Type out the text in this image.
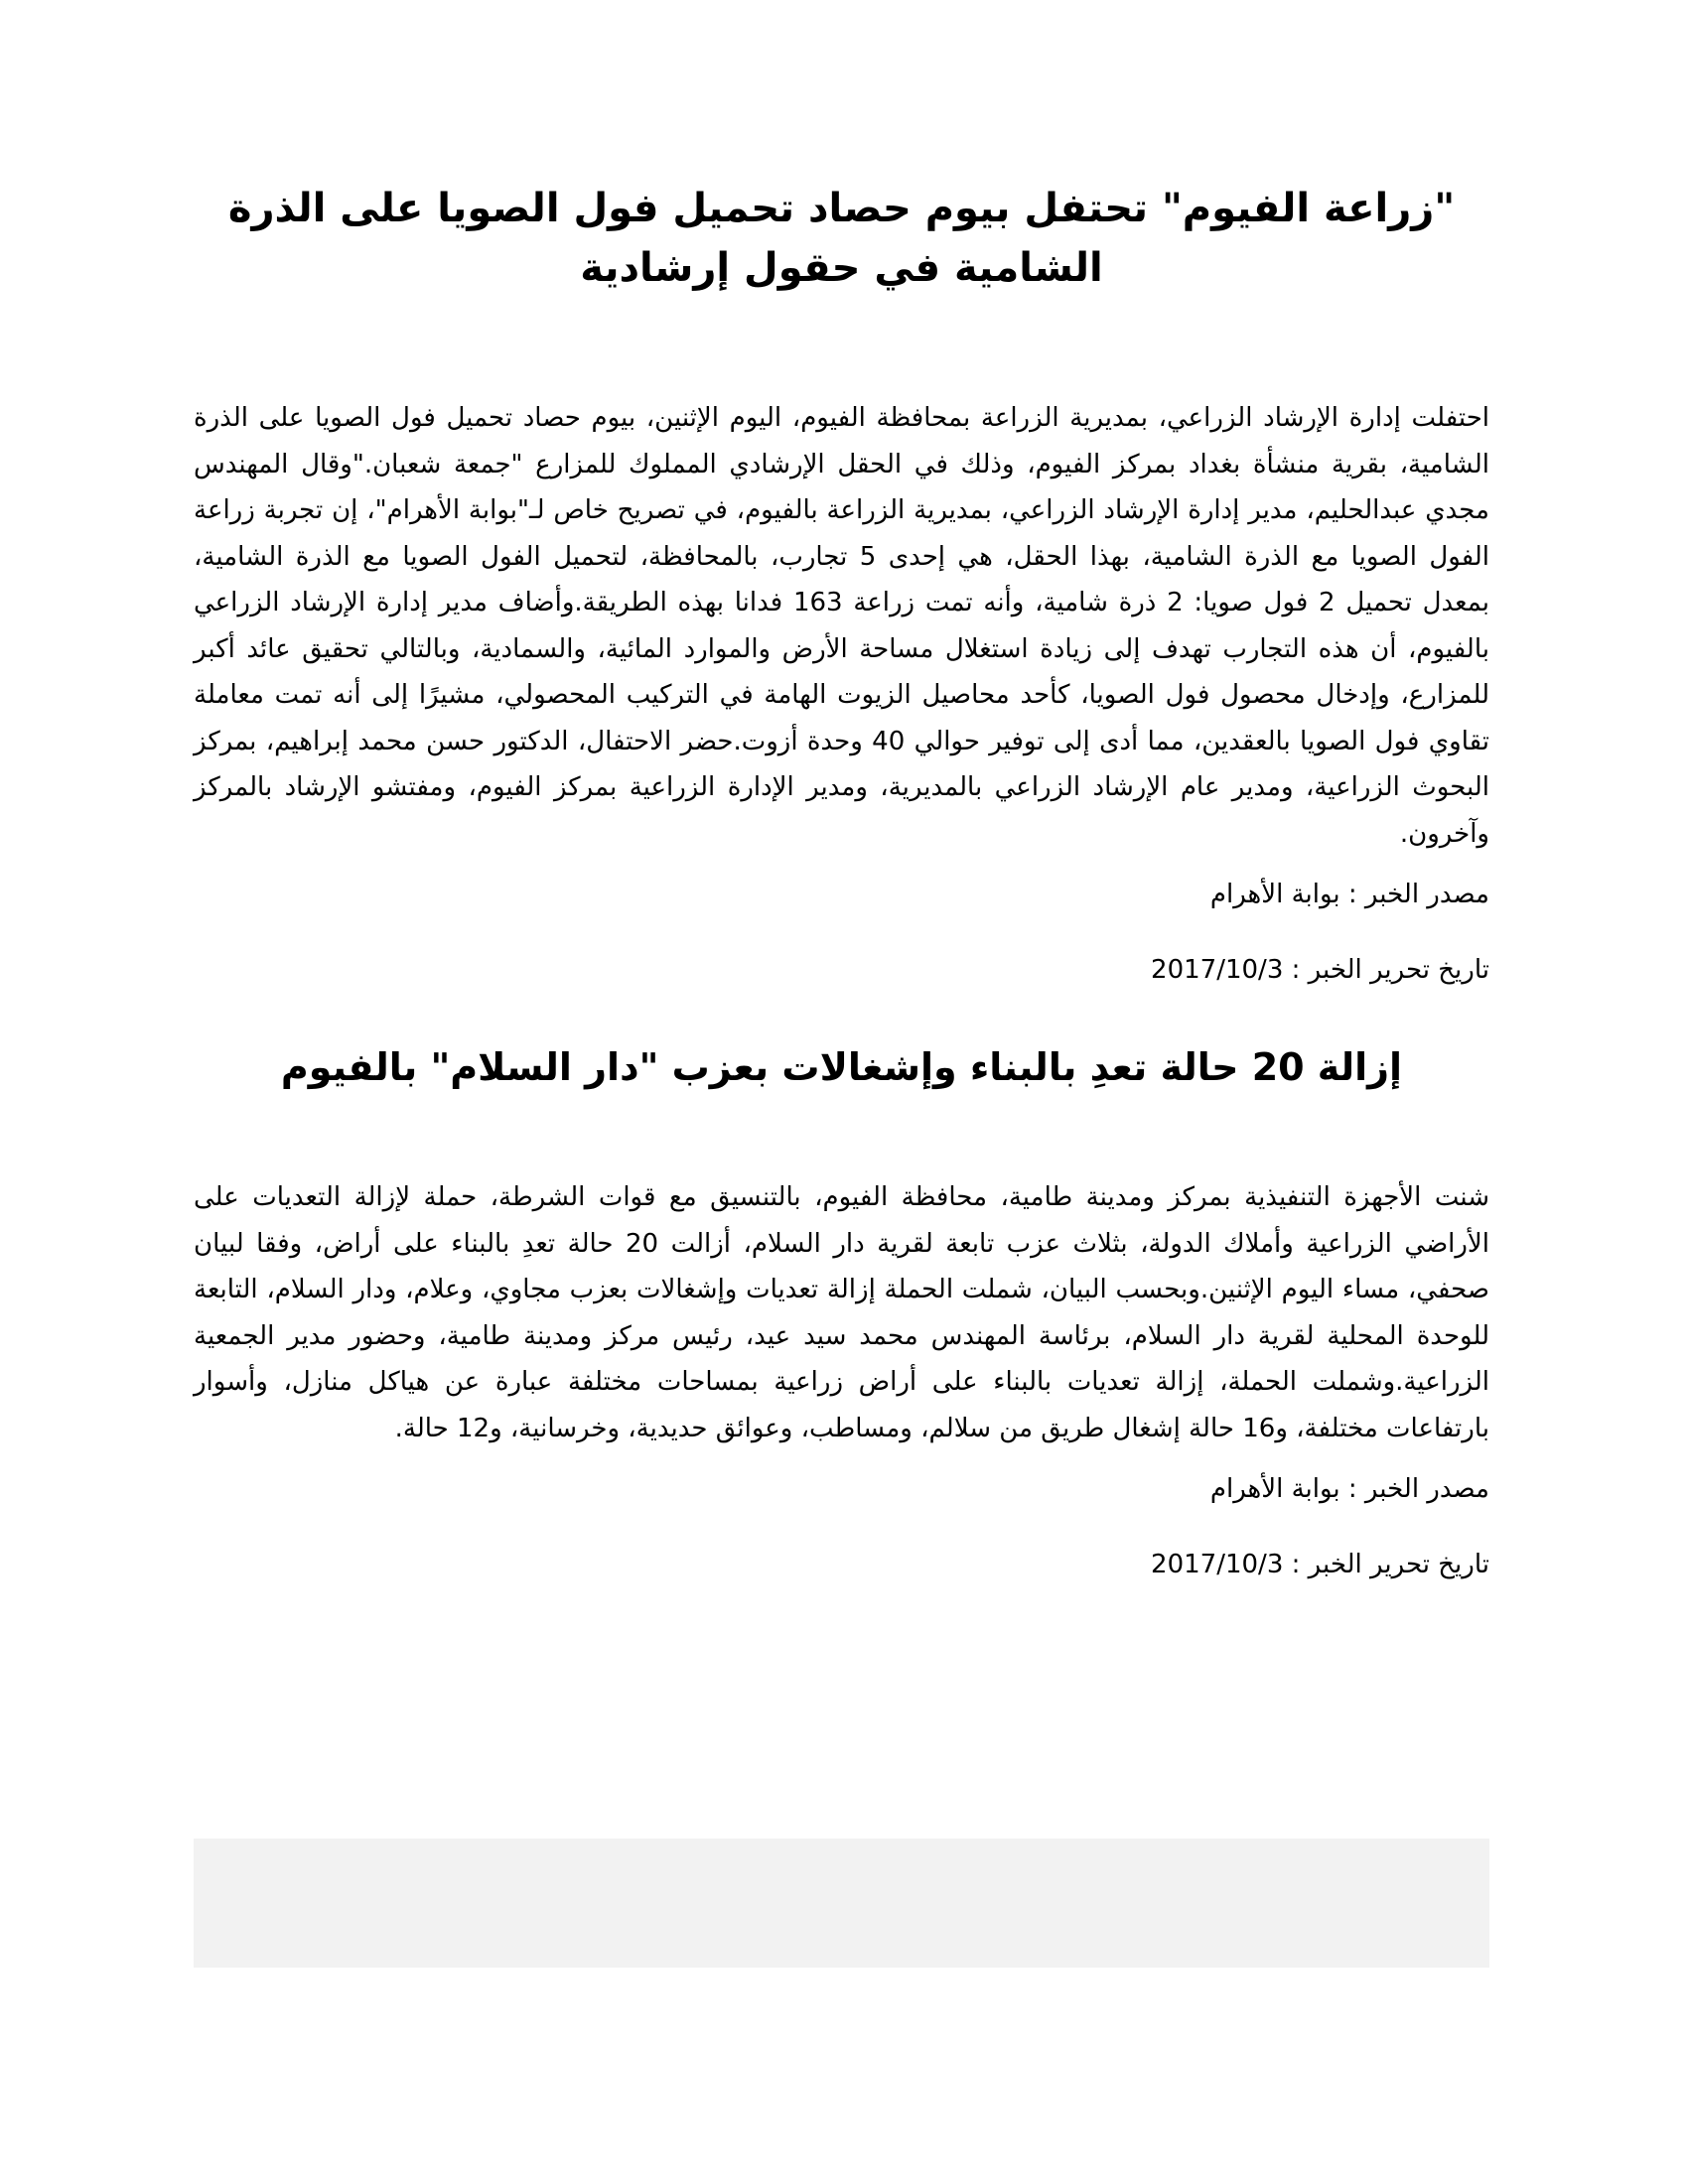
"زراعة الفيوم" تحتفل بيوم حصاد تحميل فول الصويا على الذرة الشامية في حقول إرشادية

احتفلت إدارة الإرشاد الزراعي، بمديرية الزراعة بمحافظة الفيوم، اليوم الإثنين، بيوم حصاد تحميل فول الصويا على الذرة الشامية، بقرية منشأة بغداد بمركز الفيوم، وذلك في الحقل الإرشادي المملوك للمزارع "جمعة شعبان."وقال المهندس مجدي عبدالحليم، مدير إدارة الإرشاد الزراعي، بمديرية الزراعة بالفيوم، في تصريح خاص لـ"بوابة الأهرام"، إن تجربة زراعة الفول الصويا مع الذرة الشامية، بهذا الحقل، هي إحدى 5 تجارب، بالمحافظة، لتحميل الفول الصويا مع الذرة الشامية، بمعدل تحميل 2 فول صويا: 2 ذرة شامية، وأنه تمت زراعة 163 فدانا بهذه الطريقة.وأضاف مدير إدارة الإرشاد الزراعي بالفيوم، أن هذه التجارب تهدف إلى زيادة استغلال مساحة الأرض والموارد المائية، والسمادية، وبالتالي تحقيق عائد أكبر للمزارع، وإدخال محصول فول الصويا، كأحد محاصيل الزيوت الهامة في التركيب المحصولي، مشيرًا إلى أنه تمت معاملة تقاوي فول الصويا بالعقدين، مما أدى إلى توفير حوالي 40 وحدة أزوت.حضر الاحتفال، الدكتور حسن محمد إبراهيم، بمركز البحوث الزراعية، ومدير عام الإرشاد الزراعي بالمديرية، ومدير الإدارة الزراعية بمركز الفيوم، ومفتشو الإرشاد بالمركز وآخرون.

مصدر الخبر : بوابة الأهرام

تاريخ تحرير الخبر : 2017/10/3

إزالة 20 حالة تعدِ بالبناء وإشغالات بعزب "دار السلام" بالفيوم

شنت الأجهزة التنفيذية بمركز ومدينة طامية، محافظة الفيوم، بالتنسيق مع قوات الشرطة، حملة لإزالة التعديات على الأراضي الزراعية وأملاك الدولة، بثلاث عزب تابعة لقرية دار السلام، أزالت 20 حالة تعدِ بالبناء على أراض، وفقا لبيان صحفي، مساء اليوم الإثنين.وبحسب البيان، شملت الحملة إزالة تعديات وإشغالات بعزب مجاوي، وعلام، ودار السلام، التابعة للوحدة المحلية لقرية دار السلام، برئاسة المهندس محمد سيد عيد، رئيس مركز ومدينة طامية، وحضور مدير الجمعية الزراعية.وشملت الحملة، إزالة تعديات بالبناء على أراض زراعية بمساحات مختلفة عبارة عن هياكل منازل، وأسوار بارتفاعات مختلفة، و16 حالة إشغال طريق من سلالم، ومساطب، وعوائق حديدية، وخرسانية، و12 حالة.

مصدر الخبر : بوابة الأهرام

تاريخ تحرير الخبر : 2017/10/3
